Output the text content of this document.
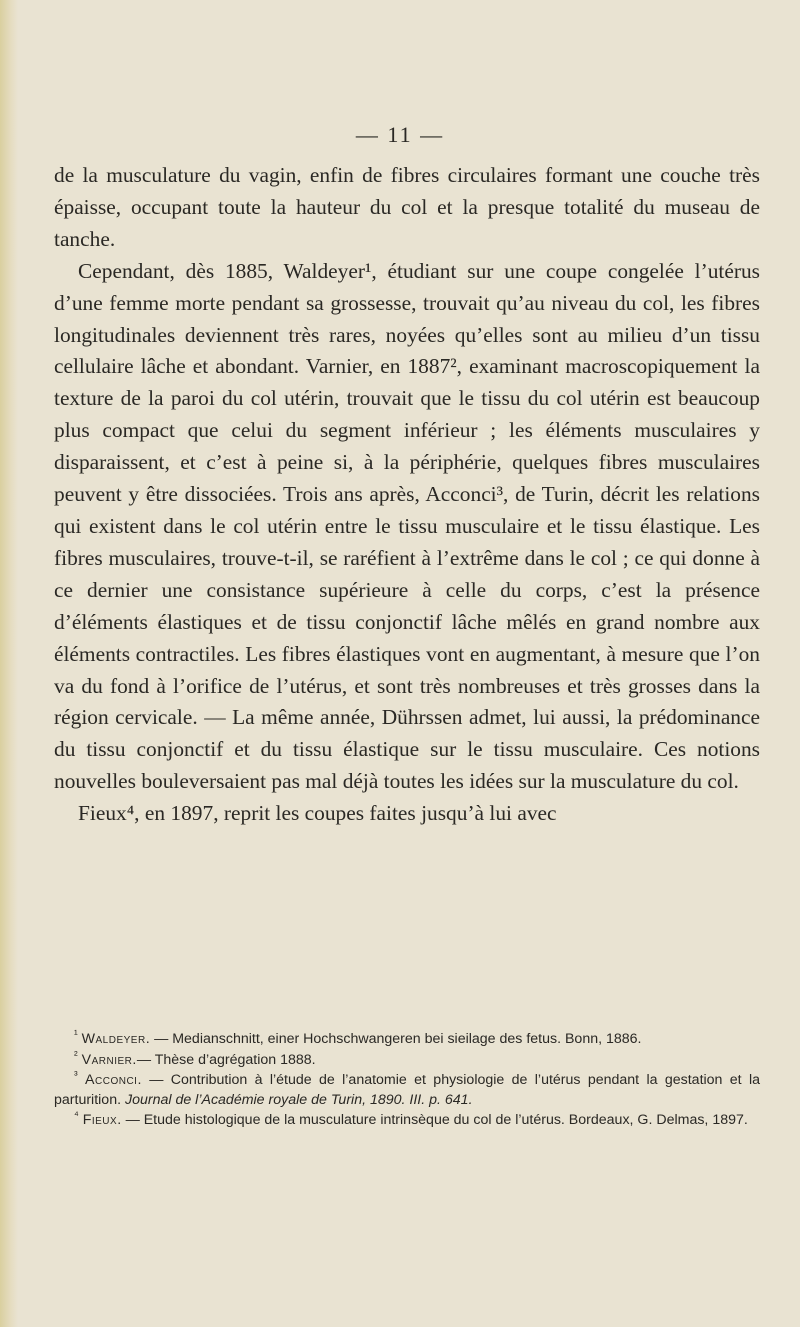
— 11 —

de la musculature du vagin, enfin de fibres circulaires formant une couche très épaisse, occupant toute la hauteur du col et la presque totalité du museau de tanche.

Cependant, dès 1885, Waldeyer¹, étudiant sur une coupe congelée l’utérus d’une femme morte pendant sa grossesse, trouvait qu’au niveau du col, les fibres longitudinales deviennent très rares, noyées qu’elles sont au milieu d’un tissu cellulaire lâche et abondant. Varnier, en 1887², examinant macroscopiquement la texture de la paroi du col utérin, trouvait que le tissu du col utérin est beaucoup plus compact que celui du segment inférieur ; les éléments musculaires y disparaissent, et c’est à peine si, à la périphérie, quelques fibres musculaires peuvent y être dissociées. Trois ans après, Acconci³, de Turin, décrit les relations qui existent dans le col utérin entre le tissu musculaire et le tissu élastique. Les fibres musculaires, trouve-t-il, se raréfient à l’extrême dans le col ; ce qui donne à ce dernier une consistance supérieure à celle du corps, c’est la présence d’éléments élastiques et de tissu conjonctif lâche mêlés en grand nombre aux éléments contractiles. Les fibres élastiques vont en augmentant, à mesure que l’on va du fond à l’orifice de l’utérus, et sont très nombreuses et très grosses dans la région cervicale. — La même année, Dührssen admet, lui aussi, la prédominance du tissu conjonctif et du tissu élastique sur le tissu musculaire. Ces notions nouvelles bouleversaient pas mal déjà toutes les idées sur la musculature du col.

Fieux⁴, en 1897, reprit les coupes faites jusqu’à lui avec

$^{^1}$ Waldeyer. — Medianschnitt, einer Hochschwangeren bei sieilage des fetus. Bonn, 1886.

$^{^2}$ Varnier.— Thèse d’agrégation 1888.

$^{^3}$ Acconci. — Contribution à l’étude de l’anatomie et physiologie de l’utérus pendant la gestation et la parturition. Journal de l’Académie royale de Turin, 1890. III. p. 641.

$^{^4}$ Fieux. — Etude histologique de la musculature intrinsèque du col de l’utérus. Bordeaux, G. Delmas, 1897.
